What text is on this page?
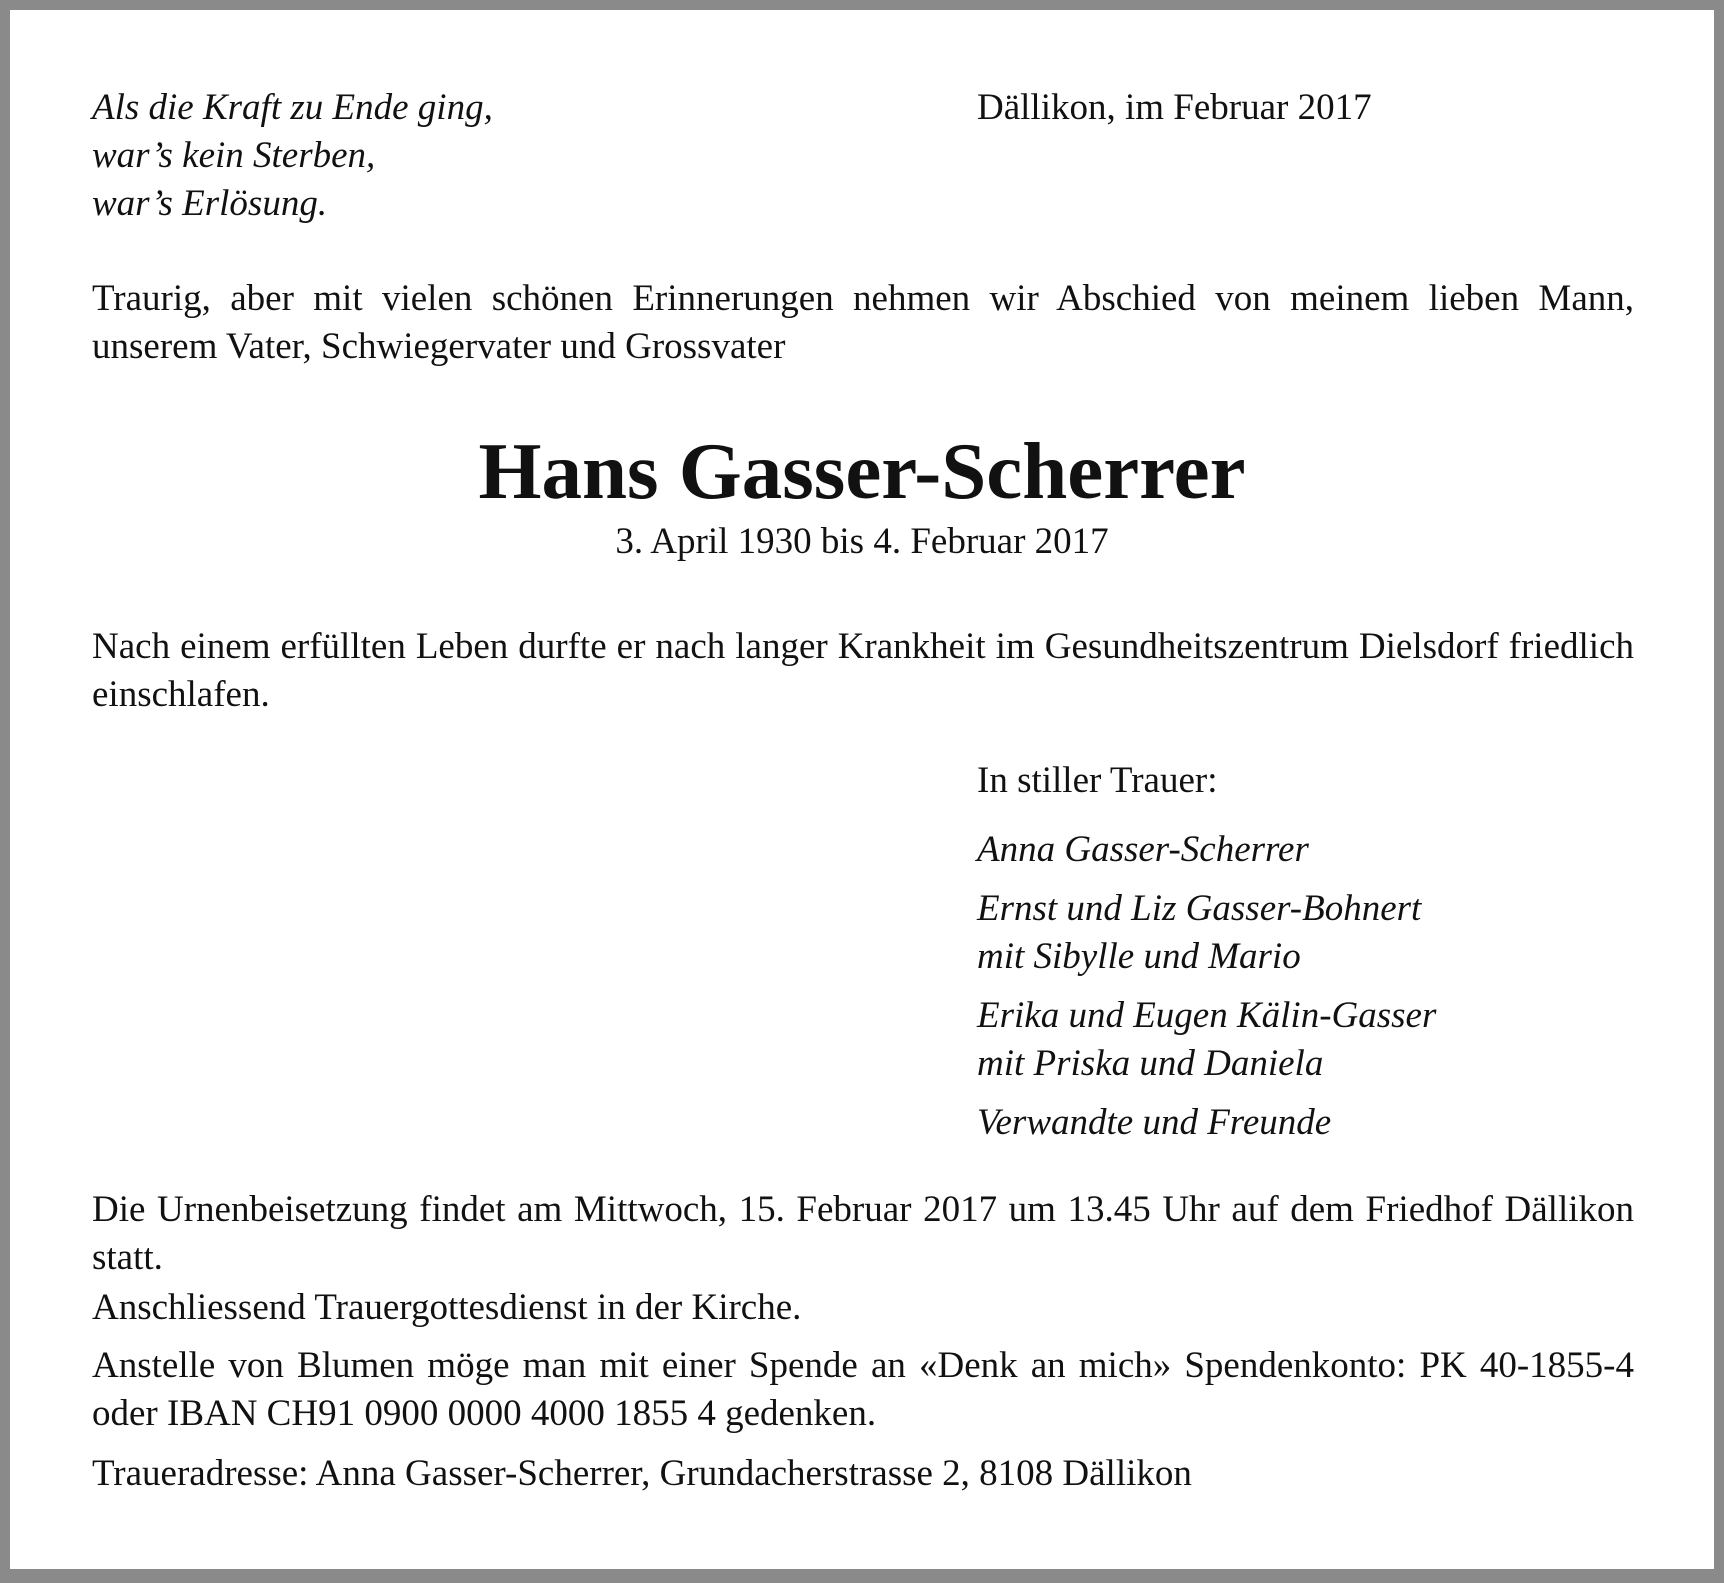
Als die Kraft zu Ende ging,
war’s kein Sterben,
war’s Erlösung.
Dällikon, im Februar 2017

Traurig, aber mit vielen schönen Erinnerungen nehmen wir Abschied von meinem lieben Mann, unserem Vater, Schwiegervater und Grossvater

Hans Gasser-Scherrer
3. April 1930 bis 4. Februar 2017

Nach einem erfüllten Leben durfte er nach langer Krankheit im Gesundheitszentrum Dielsdorf friedlich einschlafen.

In stiller Trauer:
Anna Gasser-Scherrer
Ernst und Liz Gasser-Bohnert
mit Sibylle und Mario
Erika und Eugen Kälin-Gasser
mit Priska und Daniela
Verwandte und Freunde

Die Urnenbeisetzung findet am Mittwoch, 15. Februar 2017 um 13.45 Uhr auf dem Friedhof Dällikon statt.

Anschliessend Trauergottesdienst in der Kirche.

Anstelle von Blumen möge man mit einer Spende an «Denk an mich» Spendenkonto: PK 40-1855-4 oder IBAN CH91 0900 0000 4000 1855 4 gedenken.

Traueradresse: Anna Gasser-Scherrer, Grundacherstrasse 2, 8108 Dällikon
